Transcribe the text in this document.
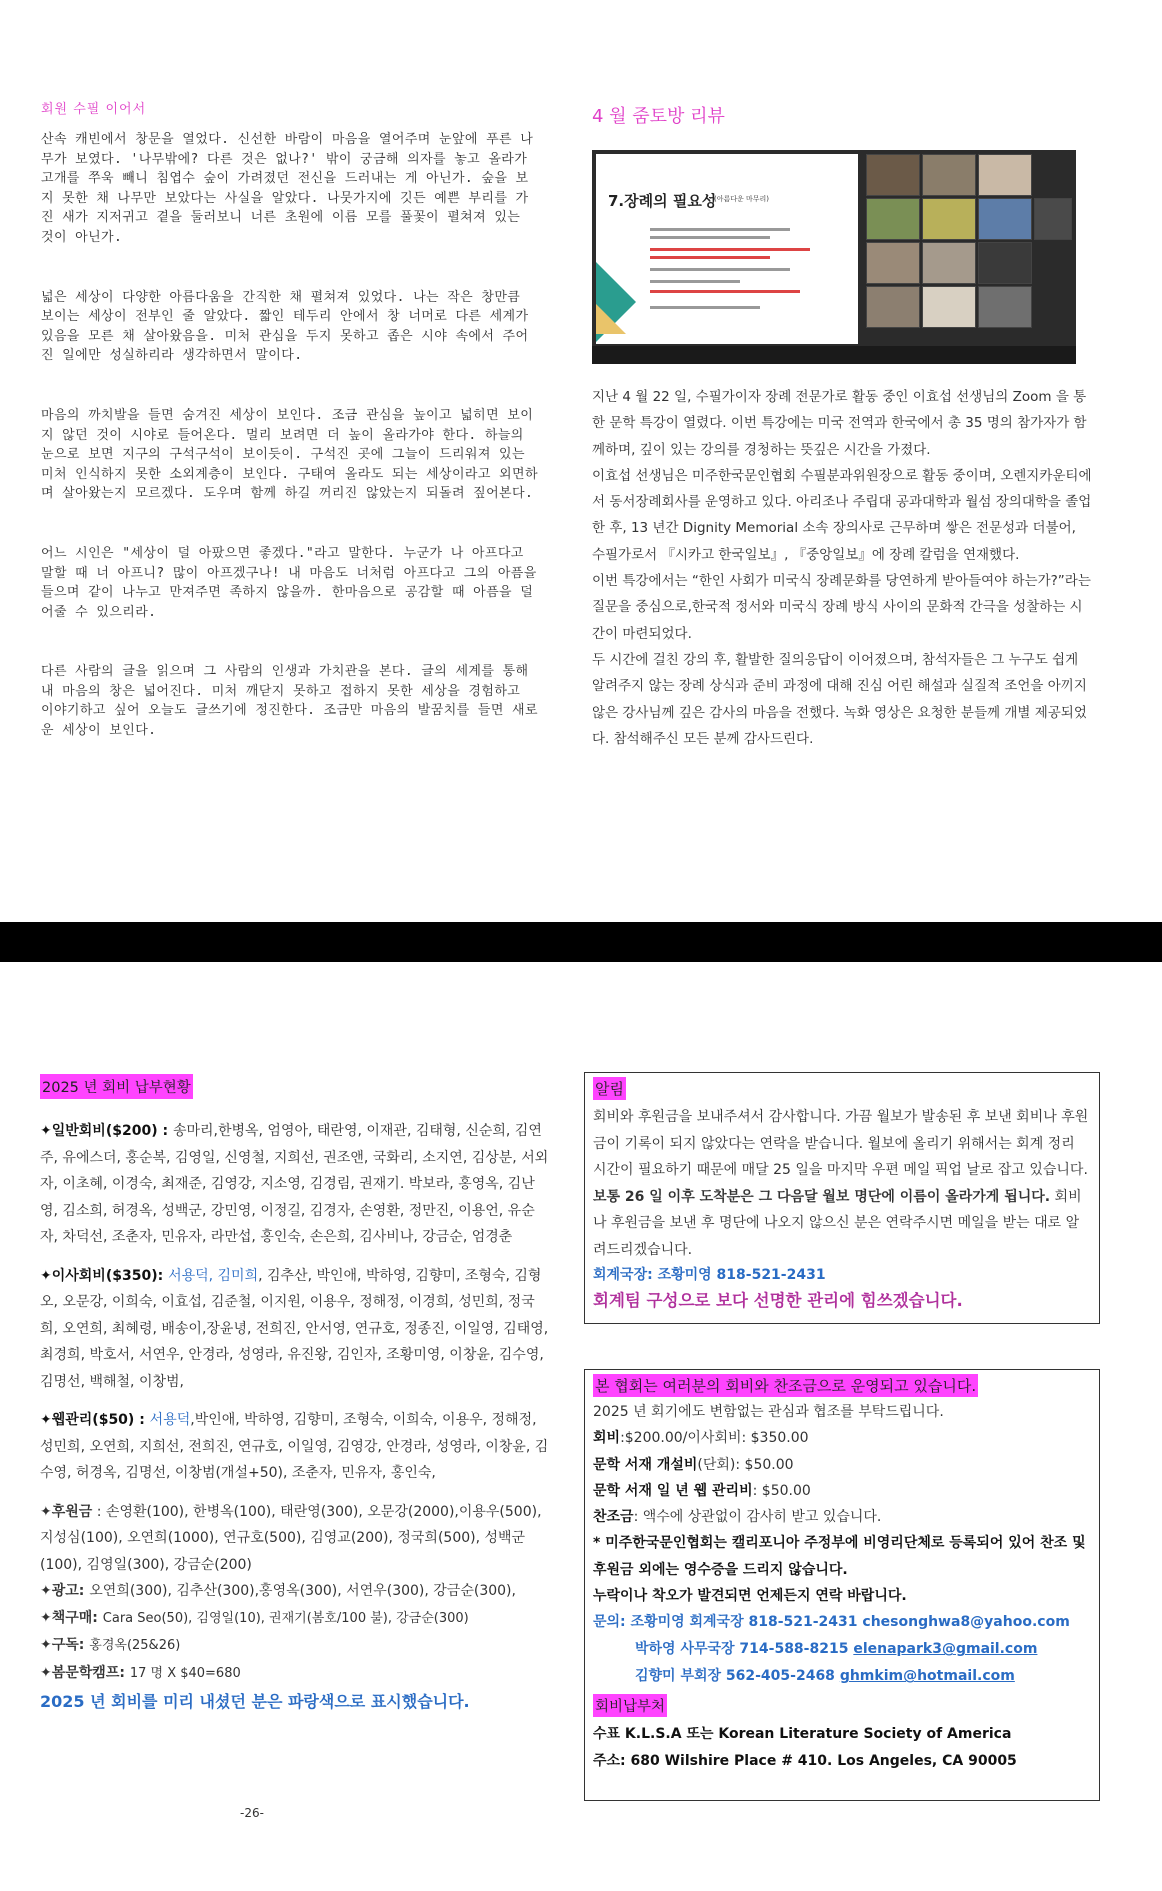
회원 수필 이어서

산속 캐빈에서 창문을 열었다. 신선한 바람이 마음을 열어주며 눈앞에 푸른 나무가 보였다. '나무밖에? 다른 것은 없나?' 밖이 궁금해 의자를 놓고 올라가 고개를 쭈욱 빼니 침엽수 숲이 가려졌던 전신을 드러내는 게 아닌가. 숲을 보지 못한 채 나무만 보았다는 사실을 알았다. 나뭇가지에 깃든 예쁜 부리를 가진 새가 지저귀고 곁을 둘러보니 너른 초원에 이름 모를 풀꽃이 펼쳐져 있는 것이 아닌가.

넓은 세상이 다양한 아름다움을 간직한 채 펼쳐져 있었다. 나는 작은 창만큼 보이는 세상이 전부인 줄 알았다. 짧인 테두리 안에서 창 너머로 다른 세계가 있음을 모른 채 살아왔음을. 미처 관심을 두지 못하고 좁은 시야 속에서 주어진 일에만 성실하리라 생각하면서 말이다.

마음의 까치발을 들면 숨겨진 세상이 보인다. 조금 관심을 높이고 넓히면 보이지 않던 것이 시야로 들어온다. 멀리 보려면 더 높이 올라가야 한다. 하늘의 눈으로 보면 지구의 구석구석이 보이듯이. 구석진 곳에 그늘이 드리워져 있는 미처 인식하지 못한 소외계층이 보인다. 구태여 올라도 되는 세상이라고 외면하며 살아왔는지 모르겠다. 도우며 함께 하길 꺼리진 않았는지 되돌려 짚어본다.

어느 시인은 "세상이 덜 아팠으면 좋겠다."라고 말한다. 누군가 나 아프다고 말할 때 너 아프니? 많이 아프겠구나! 내 마음도 너처럼 아프다고 그의 아픔을 들으며 같이 나누고 만져주면 족하지 않을까. 한마음으로 공감할 때 아픔을 덜어줄 수 있으리라.

다른 사람의 글을 읽으며 그 사람의 인생과 가치관을 본다. 글의 세계를 통해 내 마음의 창은 넓어진다. 미처 깨닫지 못하고 접하지 못한 세상을 경험하고 이야기하고 싶어 오늘도 글쓰기에 정진한다. 조금만 마음의 발꿈치를 들면 새로운 세상이 보인다.

4 월 줌토방 리뷰
7.장례의 필요성
(아름다운 마무리)

지난 4 월 22 일, 수필가이자 장례 전문가로 활동 중인 이효섭 선생님의 Zoom 을 통한 문학 특강이 열렸다. 이번 특강에는 미국 전역과 한국에서 총 35 명의 참가자가 함께하며, 깊이 있는 강의를 경청하는 뜻깊은 시간을 가졌다.

이효섭 선생님은 미주한국문인협회 수필분과위원장으로 활동 중이며, 오렌지카운티에서 동서장례회사를 운영하고 있다. 아리조나 주립대 공과대학과 월섬 장의대학을 졸업한 후, 13 년간 Dignity Memorial 소속 장의사로 근무하며 쌓은 전문성과 더불어, 수필가로서 『시카고 한국일보』, 『중앙일보』에 장례 칼럼을 연재했다.

이번 특강에서는 “한인 사회가 미국식 장례문화를 당연하게 받아들여야 하는가?”라는 질문을 중심으로,한국적 정서와 미국식 장례 방식 사이의 문화적 간극을 성찰하는 시간이 마련되었다.

두 시간에 걸친 강의 후, 활발한 질의응답이 이어졌으며, 참석자들은 그 누구도 쉽게 알려주지 않는 장례 상식과 준비 과정에 대해 진심 어린 해설과 실질적 조언을 아끼지 않은 강사님께 깊은 감사의 마음을 전했다. 녹화 영상은 요청한 분들께 개별 제공되었다. 참석해주신 모든 분께 감사드린다.

2025 년 회비 납부현황
✦일반회비($200) : 송마리,한병옥, 엄영아, 태란영, 이재관, 김태형, 신순희, 김연주, 유에스더, 홍순복, 김영일, 신영철, 지희선, 권조앤, 국화리, 소지연, 김상분, 서외자, 이초혜, 이경숙, 최재준, 김영강, 지소영, 김경림, 권재기. 박보라, 홍영옥, 김난영, 김소희, 허경옥, 성백군, 강민영, 이정길, 김경자, 손영환, 정만진, 이용언, 유순자, 차덕선, 조춘자, 민유자, 라만섭, 홍인숙, 손은희, 김사비나, 강금순, 엄경춘
✦이사회비($350): 서용덕, 김미희, 김추산, 박인애, 박하영, 김향미, 조형숙, 김형오, 오문강, 이희숙, 이효섭, 김준철, 이지원, 이용우, 정해정, 이경희, 성민희, 정국희, 오연희, 최혜령, 배송이,장윤녕, 전희진, 안서영, 연규호, 정종진, 이일영, 김태영, 최경희, 박호서, 서연우, 안경라, 성영라, 유진왕, 김인자, 조황미영, 이창윤, 김수영, 김명선, 백해철, 이창범,
✦웹관리($50) : 서용덕,박인애, 박하영, 김향미, 조형숙, 이희숙, 이용우, 정해정, 성민희, 오연희, 지희선, 전희진, 연규호, 이일영, 김영강, 안경라, 성영라, 이창윤, 김수영, 허경옥, 김명선, 이창범(개설+50), 조춘자, 민유자, 홍인숙,
✦후원금 : 손영환(100), 한병옥(100), 태란영(300), 오문강(2000),이용우(500), 지성심(100), 오연희(1000), 연규호(500), 김영교(200), 정국희(500), 성백군(100), 김영일(300), 강금순(200)
✦광고: 오연희(300), 김추산(300),홍영옥(300), 서연우(300), 강금순(300),
✦책구매: Cara Seo(50), 김영일(10), 권재기(봄호/100 불), 강금순(300)
✦구독: 홍경옥(25&26)
✦봄문학캠프: 17 명 X $40=680
2025 년 회비를 미리 내셨던 분은 파랑색으로 표시했습니다.
알림
회비와 후원금을 보내주셔서 감사합니다. 가끔 월보가 발송된 후 보낸 회비나 후원금이 기록이 되지 않았다는 연락을 받습니다. 월보에 올리기 위해서는 회계 정리 시간이 필요하기 때문에 매달 25 일을 마지막 우편 메일 픽업 날로 잡고 있습니다. 보통 26 일 이후 도착분은 그 다음달 월보 명단에 이름이 올라가게 됩니다. 회비나 후원금을 보낸 후 명단에 나오지 않으신 분은 연락주시면 메일을 받는 대로 알려드리겠습니다.
회계국장: 조황미영 818-521-2431
회계팀 구성으로 보다 선명한 관리에 힘쓰겠습니다.
본 협회는 여러분의 회비와 찬조금으로 운영되고 있습니다.
2025 년 회기에도 변함없는 관심과 협조를 부탁드립니다.
회비:$200.00/이사회비: $350.00
문학 서재 개설비(단회): $50.00
문학 서재 일 년 웹 관리비: $50.00
찬조금: 액수에 상관없이 감사히 받고 있습니다.
* 미주한국문인협회는 캘리포니아 주정부에 비영리단체로 등록되어 있어 찬조 및 후원금 외에는 영수증을 드리지 않습니다.
누락이나 착오가 발견되면 언제든지 연락 바랍니다.
문의: 조황미영 회계국장 818-521-2431 chesonghwa8@yahoo.com
박하영 사무국장 714-588-8215 elenapark3@gmail.com
김향미 부회장 562-405-2468 ghmkim@hotmail.com
회비납부처
수표 K.L.S.A 또는 Korean Literature Society of America
주소: 680 Wilshire Place # 410. Los Angeles, CA 90005
-26-
